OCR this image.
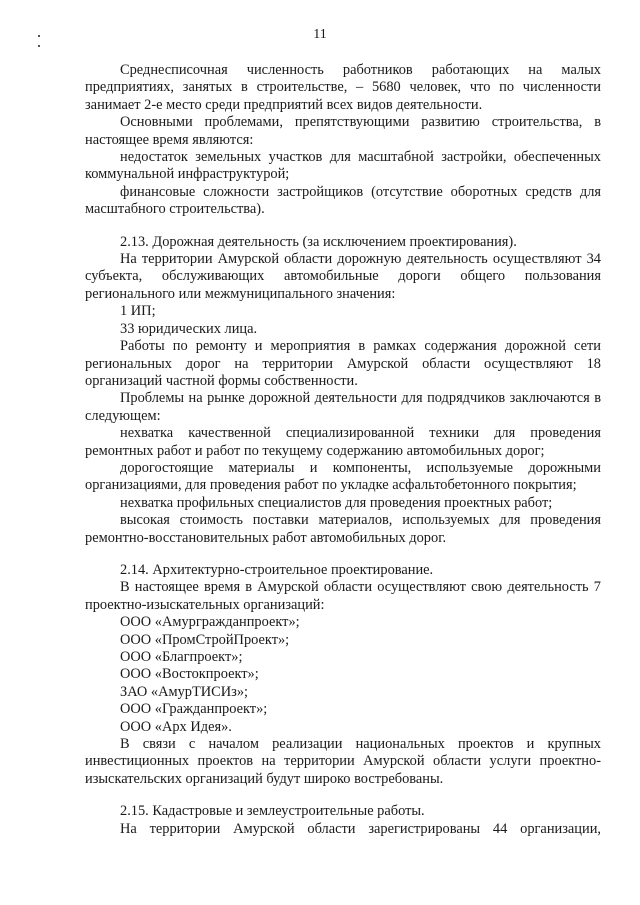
11

Среднесписочная численность работников работающих на малых предприятиях, занятых в строительстве, – 5680 человек, что по численности занимает 2-е место среди предприятий всех видов деятельности.

Основными проблемами, препятствующими развитию строительства, в настоящее время являются:

недостаток земельных участков для масштабной застройки, обеспеченных коммунальной инфраструктурой;

финансовые сложности застройщиков (отсутствие оборотных средств для масштабного строительства).

2.13. Дорожная деятельность (за исключением проектирования).

На территории Амурской области дорожную деятельность осуществляют 34 субъекта, обслуживающих автомобильные дороги общего пользования регионального или межмуниципального значения:

1 ИП;

33 юридических лица.

Работы по ремонту и мероприятия в рамках содержания дорожной сети региональных дорог на территории Амурской области осуществляют 18 организаций частной формы собственности.

Проблемы на рынке дорожной деятельности для подрядчиков заключаются в следующем:

нехватка качественной специализированной техники для проведения ремонтных работ и работ по текущему содержанию автомобильных дорог;

дорогостоящие материалы и компоненты, используемые дорожными организациями, для проведения работ по укладке асфальтобетонного покрытия;

нехватка профильных специалистов для проведения проектных работ;

высокая стоимость поставки материалов, используемых для проведения ремонтно-восстановительных работ автомобильных дорог.

2.14. Архитектурно-строительное проектирование.

В настоящее время в Амурской области осуществляют свою деятельность 7 проектно-изыскательных организаций:

ООО «Амургражданпроект»;

ООО «ПромСтройПроект»;

ООО «Благпроект»;

ООО «Востокпроект»;

ЗАО «АмурТИСИз»;

ООО «Гражданпроект»;

ООО «Арх Идея».

В связи с началом реализации национальных проектов и крупных инвестиционных проектов на территории Амурской области услуги проектно-изыскательских организаций будут широко востребованы.

2.15. Кадастровые и землеустроительные работы.

На территории Амурской области зарегистрированы 44 организации,
